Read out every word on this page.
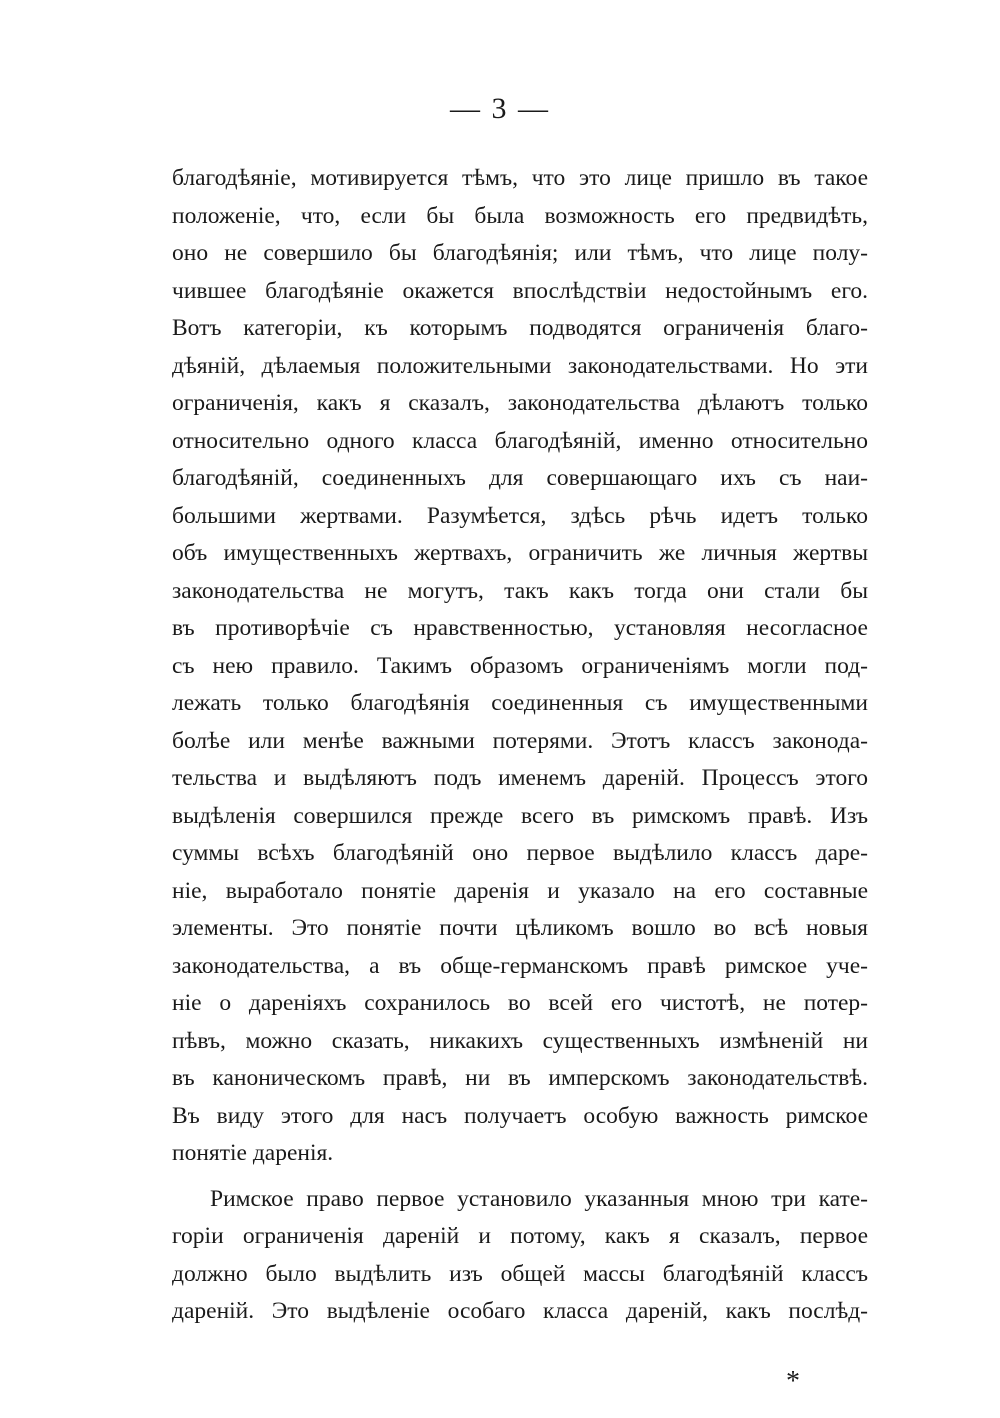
— 3 —
благодѣяніе, мотивируется тѣмъ, что это лице пришло въ такое
положеніе, что, если бы была возможность его предвидѣть,
оно не совершило бы благодѣянія; или тѣмъ, что лице полу-
чившее благодѣяніе окажется впослѣдствіи недостойнымъ его.
Вотъ категоріи, къ которымъ подводятся ограниченія благо-
дѣяній, дѣлаемыя положительными законодательствами. Но эти
ограниченія, какъ я сказалъ, законодательства дѣлаютъ только
относительно одного класса благодѣяній, именно относительно
благодѣяній, соединенныхъ для совершающаго ихъ съ наи-
большими жертвами. Разумѣется, здѣсь рѣчь идетъ только
объ имущественныхъ жертвахъ, ограничить же личныя жертвы
законодательства не могутъ, такъ какъ тогда они стали бы
въ противорѣчіе съ нравственностью, установляя несогласное
съ нею правило. Такимъ образомъ ограниченіямъ могли под-
лежать только благодѣянія соединенныя съ имущественными
болѣе или менѣе важными потерями. Этотъ классъ законода-
тельства и выдѣляютъ подъ именемъ дареній. Процессъ этого
выдѣленія совершился прежде всего въ римскомъ правѣ. Изъ
суммы всѣхъ благодѣяній оно первое выдѣлило классъ даре-
ніе, выработало понятіе даренія и указало на его составные
элементы. Это понятіе почти цѣликомъ вошло во всѣ новыя
законодательства, а въ обще-германскомъ правѣ римское уче-
ніе о дареніяхъ сохранилось во всей его чистотѣ, не потер-
пѣвъ, можно сказать, никакихъ существенныхъ измѣненій ни
въ каноническомъ правѣ, ни въ имперскомъ законодательствѣ.
Въ виду этого для насъ получаетъ особую важность римское
понятіе даренія.
Римское право первое установило указанныя мною три кате-
горіи ограниченія дареній и потому, какъ я сказалъ, первое
должно было выдѣлить изъ общей массы благодѣяній классъ
дареній. Это выдѣленіе особаго класса дареній, какъ послѣд-
*
